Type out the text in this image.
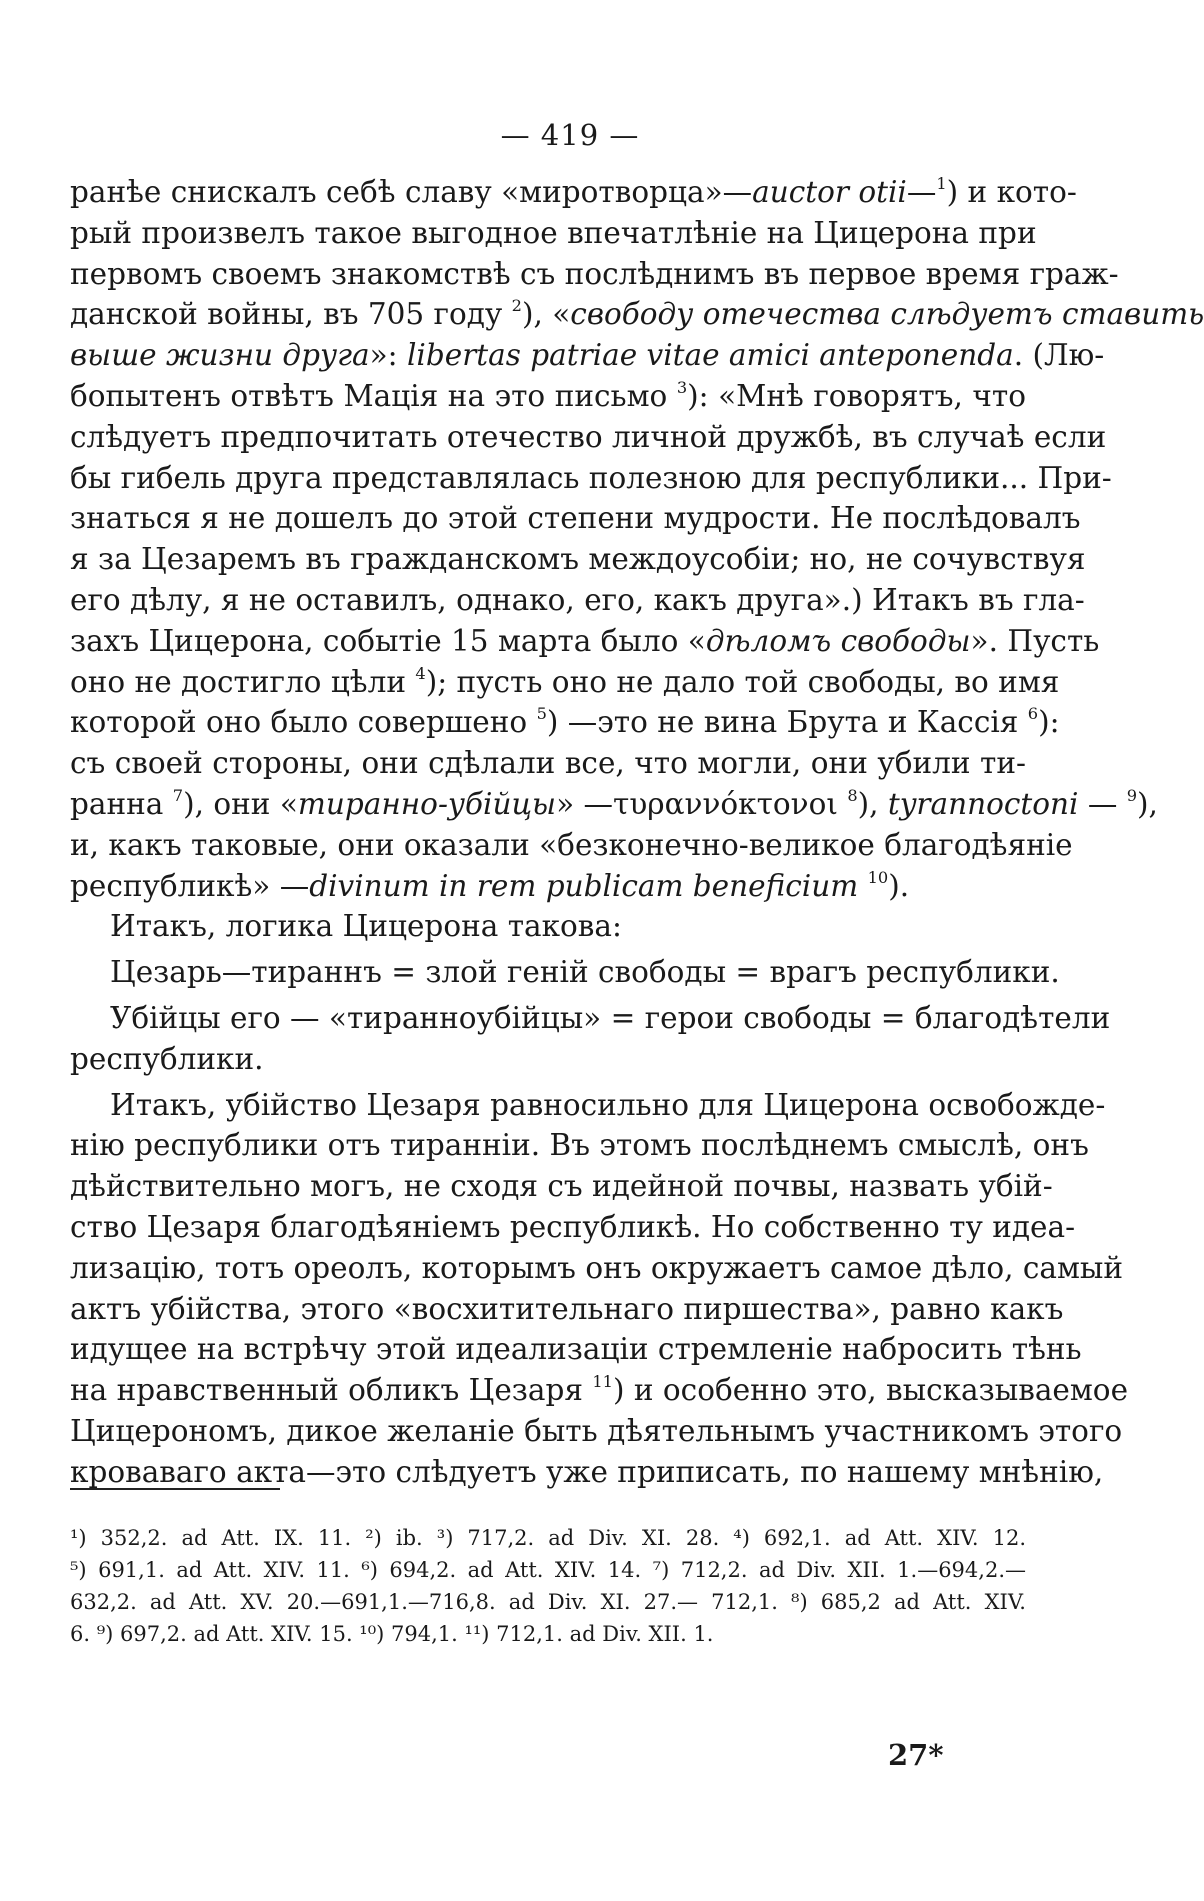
— 419 —
ранѣе снискалъ себѣ славу «миротворца»—auctor otii—$^1$) и кото-
рый произвелъ такое выгодное впечатлѣніе на Цицерона при
первомъ своемъ знакомствѣ съ послѣднимъ въ первое время граж-
данской войны, въ 705 году $^2$), «свободу отечества слѣдуетъ ставить
выше жизни друга»: libertas patriae vitae amici anteponenda. (Лю-
бопытенъ отвѣтъ Мація на это письмо $^3$): «Мнѣ говорятъ, что
слѣдуетъ предпочитать отечество личной дружбѣ, въ случаѣ если
бы гибель друга представлялась полезною для республики... При-
знаться я не дошелъ до этой степени мудрости. Не послѣдовалъ
я за Цезаремъ въ гражданскомъ междоусобіи; но, не сочувствуя
его дѣлу, я не оставилъ, однако, его, какъ друга».) Итакъ въ гла-
захъ Цицерона, событіе 15 марта было «дѣломъ свободы». Пусть
оно не достигло цѣли $^4$); пусть оно не дало той свободы, во имя
которой оно было совершено $^5$) —это не вина Брута и Кассія $^6$):
съ своей стороны, они сдѣлали все, что могли, они убили ти-
ранна $^7$), они «тиранно-убійцы» —τυραννόκτονοι $^8$), tyrannoctoni — $^9$),
и, какъ таковые, они оказали «безконечно-великое благодѣяніе
республикѣ» —divinum in rem publicam beneficium $^{10}$).
Итакъ, логика Цицерона такова:
Цезарь—тираннъ = злой геній свободы = врагъ республики.
Убійцы его — «тиранноубійцы» = герои свободы = благодѣтели
республики.
Итакъ, убійство Цезаря равносильно для Цицерона освобожде-
нію республики отъ тиранніи. Въ этомъ послѣднемъ смыслѣ, онъ
дѣйствительно могъ, не сходя съ идейной почвы, назвать убій-
ство Цезаря благодѣяніемъ республикѣ. Но собственно ту идеа-
лизацію, тотъ ореолъ, которымъ онъ окружаетъ самое дѣло, самый
актъ убійства, этого «восхитительнаго пиршества», равно какъ
идущее на встрѣчу этой идеализаціи стремленіе набросить тѣнь
на нравственный обликъ Цезаря $^{11}$) и особенно это, высказываемое
Цицерономъ, дикое желаніе быть дѣятельнымъ участникомъ этого
кроваваго акта—это слѣдуетъ уже приписать, по нашему мнѣнію,
¹) 352,2. ad Att. IX. 11. ²) ib. ³) 717,2. ad Div. XI. 28. ⁴) 692,1. ad Att. XIV. 12.
⁵) 691,1. ad Att. XIV. 11. ⁶) 694,2. ad Att. XIV. 14. ⁷) 712,2. ad Div. XII. 1.—694,2.—
632,2. ad Att. XV. 20.—691,1.—716,8. ad Div. XI. 27.— 712,1. ⁸) 685,2 ad Att. XIV.
6. ⁹) 697,2. ad Att. XIV. 15. ¹⁰) 794,1. ¹¹) 712,1. ad Div. XII. 1.
27*
